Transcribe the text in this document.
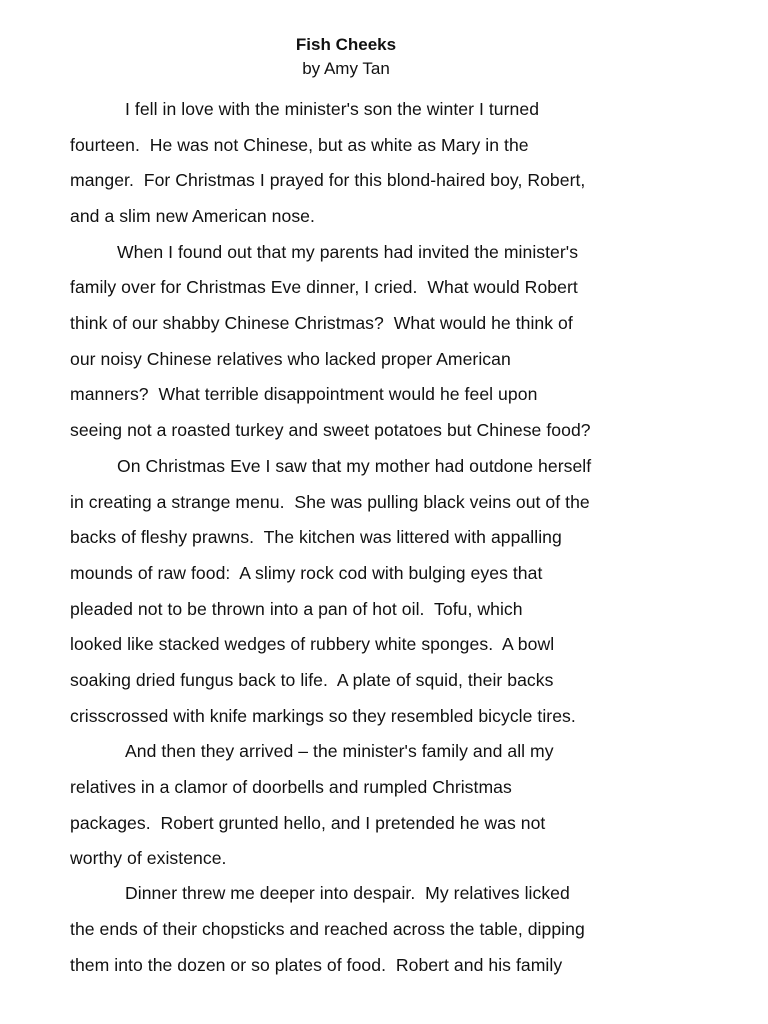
Fish Cheeks
by Amy Tan
I fell in love with the minister's son the winter I turned
fourteen.  He was not Chinese, but as white as Mary in the
manger.  For Christmas I prayed for this blond-haired boy, Robert,
and a slim new American nose.
When I found out that my parents had invited the minister's
family over for Christmas Eve dinner, I cried.  What would Robert
think of our shabby Chinese Christmas?  What would he think of
our noisy Chinese relatives who lacked proper American
manners?  What terrible disappointment would he feel upon
seeing not a roasted turkey and sweet potatoes but Chinese food?
On Christmas Eve I saw that my mother had outdone herself
in creating a strange menu.  She was pulling black veins out of the
backs of fleshy prawns.  The kitchen was littered with appalling
mounds of raw food:  A slimy rock cod with bulging eyes that
pleaded not to be thrown into a pan of hot oil.  Tofu, which
looked like stacked wedges of rubbery white sponges.  A bowl
soaking dried fungus back to life.  A plate of squid, their backs
crisscrossed with knife markings so they resembled bicycle tires.
And then they arrived – the minister's family and all my
relatives in a clamor of doorbells and rumpled Christmas
packages.  Robert grunted hello, and I pretended he was not
worthy of existence.
Dinner threw me deeper into despair.  My relatives licked
the ends of their chopsticks and reached across the table, dipping
them into the dozen or so plates of food.  Robert and his family
